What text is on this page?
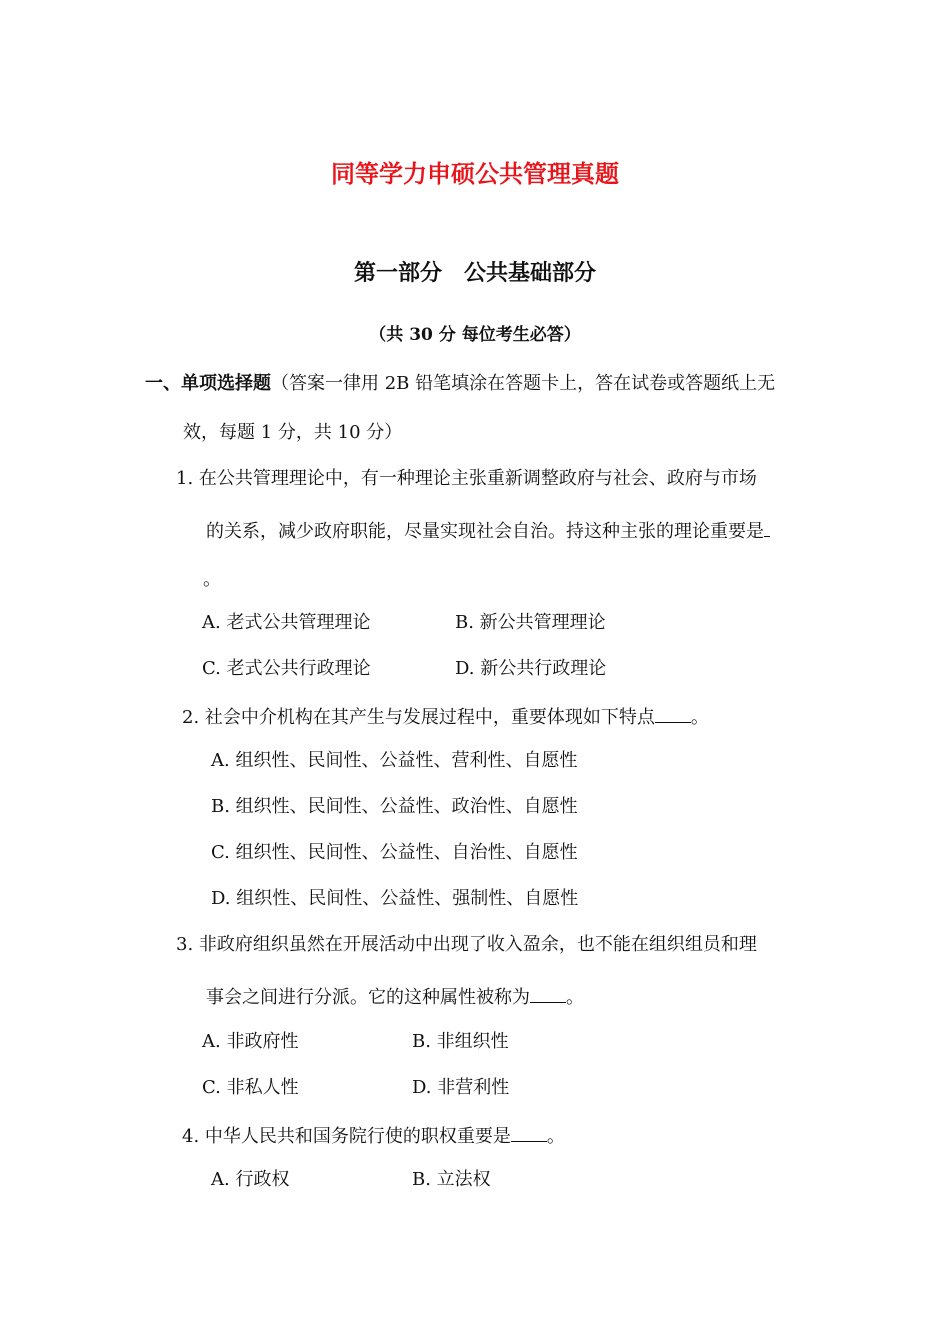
同等学力申硕公共管理真题
第一部分　公共基础部分
（共 30 分 每位考生必答）
一、单项选择题（答案一律用 2B 铅笔填涂在答题卡上，答在试卷或答题纸上无
效，每题 1 分，共 10 分）
1. 在公共管理理论中，有一种理论主张重新调整政府与社会、政府与市场
的关系，减少政府职能，尽量实现社会自治。持这种主张的理论重要是
。
A. 老式公共管理理论	B. 新公共管理理论
C. 老式公共行政理论	D. 新公共行政理论
2. 社会中介机构在其产生与发展过程中，重要体现如下特点 。
A. 组织性、民间性、公益性、营利性、自愿性
B. 组织性、民间性、公益性、政治性、自愿性
C. 组织性、民间性、公益性、自治性、自愿性
D. 组织性、民间性、公益性、强制性、自愿性
3. 非政府组织虽然在开展活动中出现了收入盈余，也不能在组织组员和理
事会之间进行分派。它的这种属性被称为 。
A. 非政府性	B. 非组织性
C. 非私人性	D. 非营利性
4. 中华人民共和国务院行使的职权重要是 。
A. 行政权	B. 立法权
